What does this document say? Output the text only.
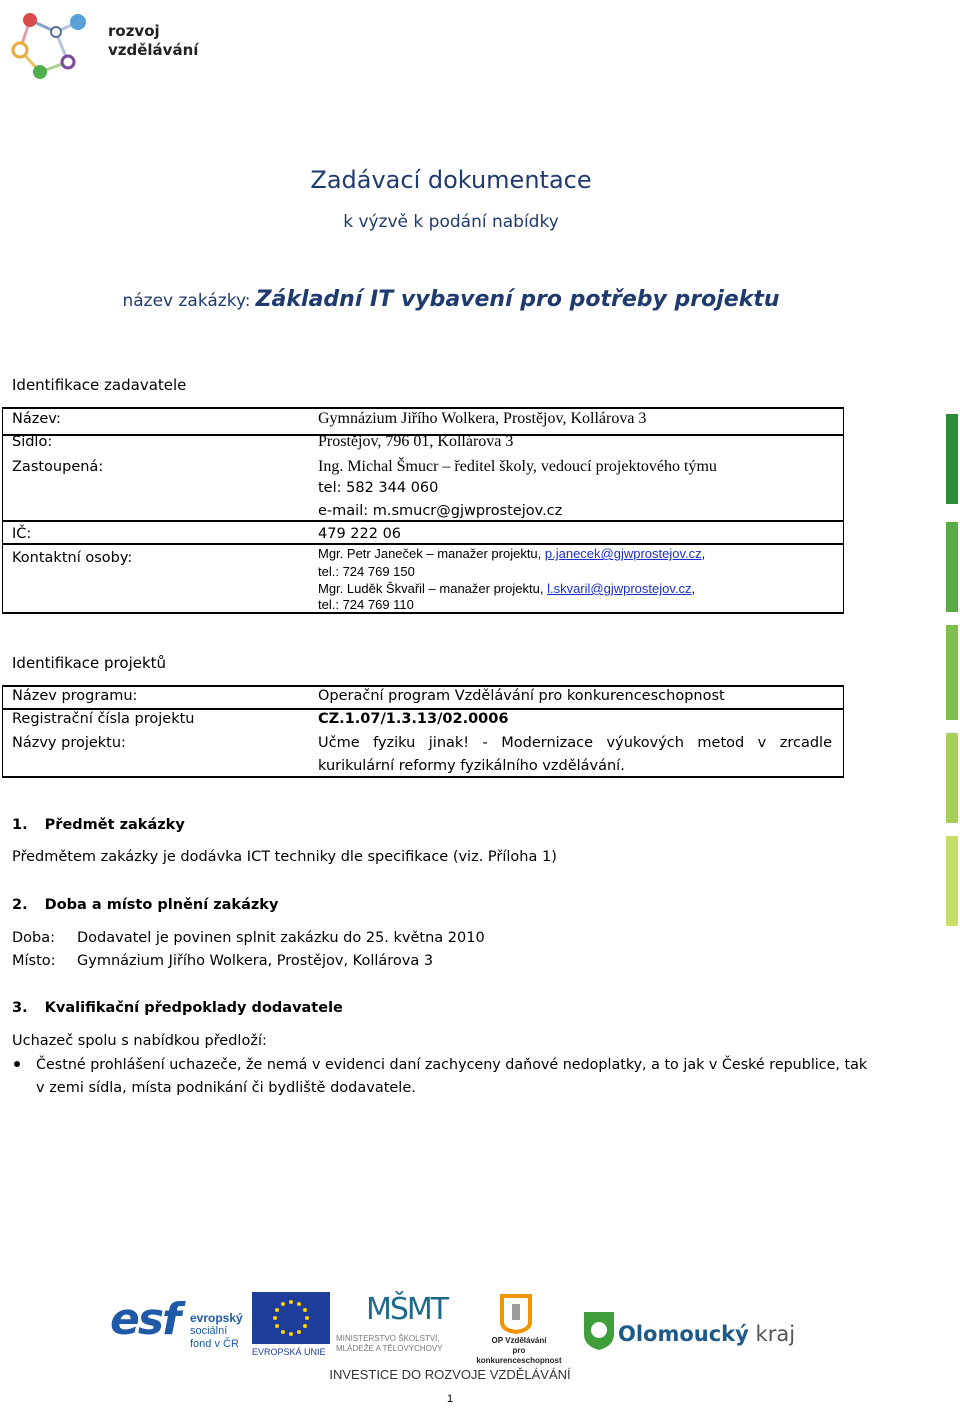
rozvoj
vzdělávání
Zadávací dokumentace
k výzvě k podání nabídky
název zakázky: Základní IT vybavení pro potřeby projektu
Identifikace zadavatele
Název:	Gymnázium Jiřího Wolkera, Prostějov, Kollárova 3
Sídlo:	Prostějov, 796 01, Kollárova 3
Zastoupená:	Ing. Michal Šmucr – ředitel školy, vedoucí projektového týmu
tel: 582 344 060
e-mail: m.smucr@gjwprostejov.cz
IČ:	479 222 06
Kontaktní osoby:	Mgr. Petr Janeček – manažer projektu, p.janecek@gjwprostejov.cz,
tel.: 724 769 150
Mgr. Luděk Škvařil – manažer projektu, l.skvaril@gjwprostejov.cz,
tel.: 724 769 110
Identifikace projektů
Název programu:	Operační program Vzdělávání pro konkurenceschopnost
Registrační čísla projektu	CZ.1.07/1.3.13/02.0006
Názvy projektu:	Učme fyziku jinak! - Modernizace výukových metod v zrcadle
kurikulární reformy fyzikálního vzdělávání.
1. Předmět zakázky
Předmětem zakázky je dodávka ICT techniky dle specifikace (viz. Příloha 1)
2. Doba a místo plnění zakázky
Doba: Dodavatel je povinen splnit zakázku do 25. května 2010
Místo: Gymnázium Jiřího Wolkera, Prostějov, Kollárova 3
3. Kvalifikační předpoklady dodavatele
Uchazeč spolu s nabídkou předloží:
Čestné prohlášení uchazeče, že nemá v evidenci daní zachyceny daňové nedoplatky, a to jak v České republice, tak
v zemi sídla, místa podnikání či bydliště dodavatele.
esf evropský
sociální
fond v ČR
EVROPSKÁ UNIE
MŠMT
MINISTERSTVO ŠKOLSTVÍ,
MLÁDEŽE A TĚLOVÝCHOVY
OP Vzdělávání
pro konkurenceschopnost
Olomoucký kraj
INVESTICE DO ROZVOJE VZDĚLÁVÁNÍ
1
